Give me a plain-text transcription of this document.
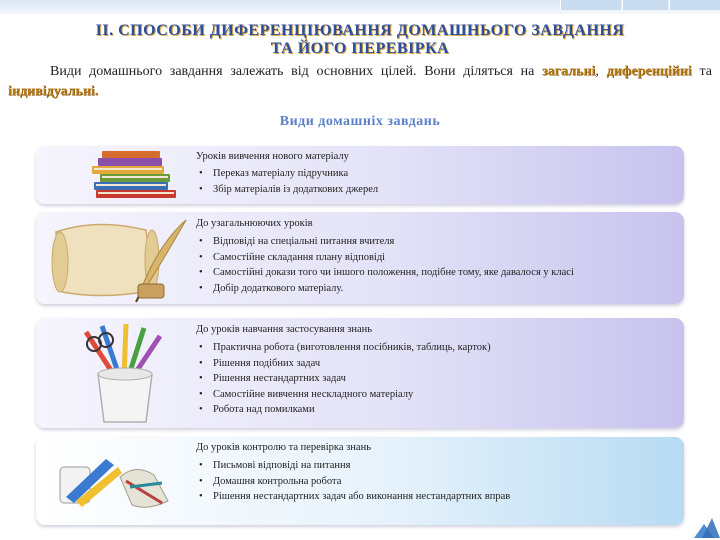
II. СПОСОБИ ДИФЕРЕНЦІЮВАННЯ ДОМАШНЬОГО ЗАВДАННЯ
ТА ЙОГО ПЕРЕВІРКА
Види домашнього завдання залежать від основних цілей. Вони діляться на загальні, диференційні та індивідуальні.
Види домашніх завдань
Уроків вивчення нового матеріалу
• Переказ матеріалу підручника
• Збір матеріалів із додаткових джерел
До узагальнюючих уроків
• Відповіді на спеціальні питання вчителя
• Самостійне складання плану відповіді
• Самостійні докази того чи іншого положення, подібне тому, яке давалося у класі
• Добір додаткового матеріалу.
До уроків навчання застосування знань
• Практична робота (виготовлення посібників, таблиць, карток)
• Рішення подібних задач
• Рішення нестандартних задач
• Самостійне вивчення нескладного матеріалу
• Робота над помилками
До уроків контролю та перевірка знань
• Письмові відповіді на питання
• Домашня контрольна робота
• Рішення нестандартних задач або виконання нестандартних вправ
